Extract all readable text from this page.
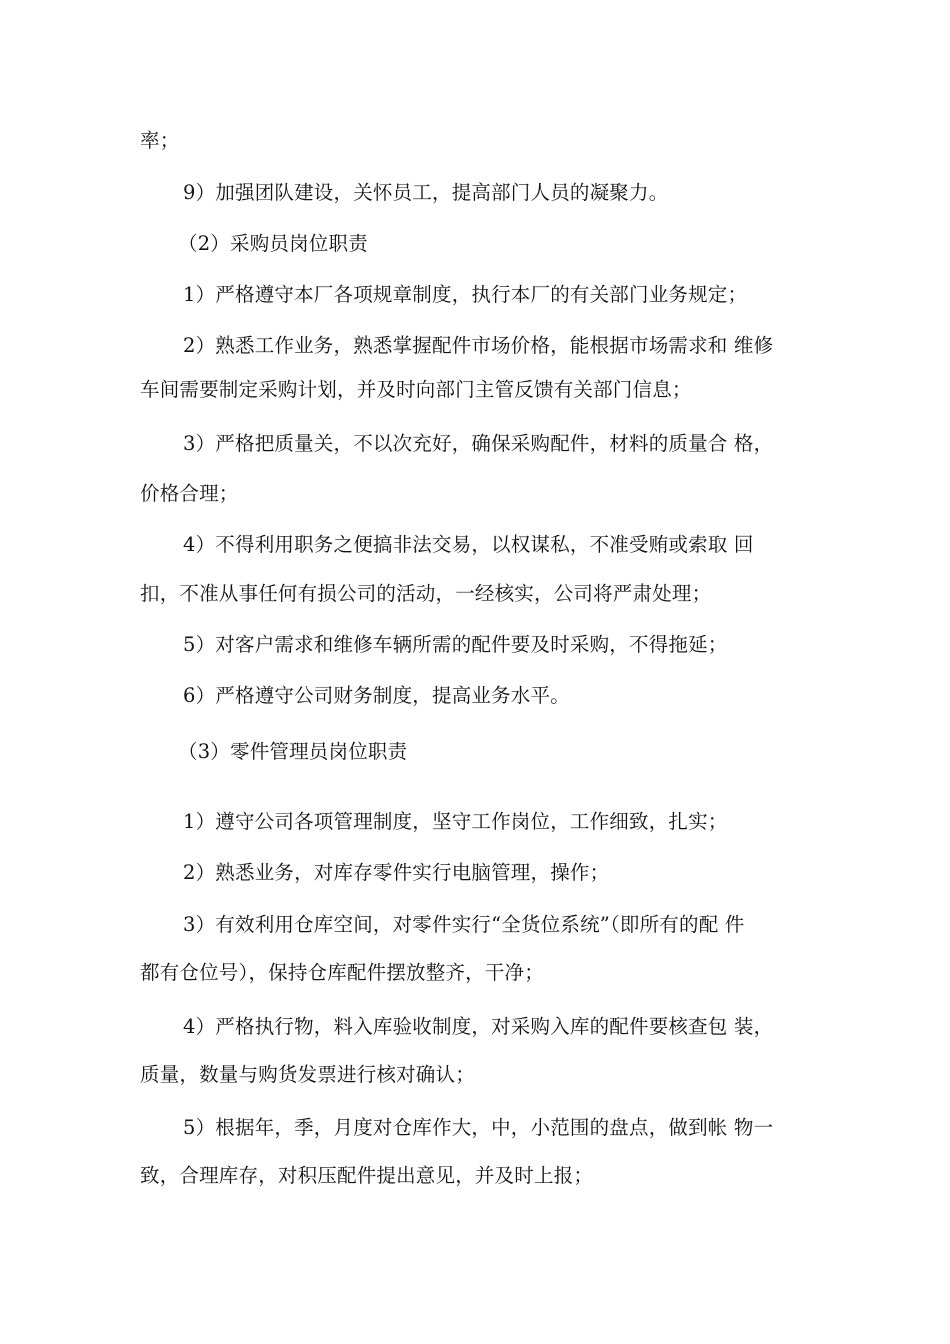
率；
9）加强团队建设，关怀员工，提高部门人员的凝聚力。
（2）采购员岗位职责
1）严格遵守本厂各项规章制度，执行本厂的有关部门业务规定；
2）熟悉工作业务，熟悉掌握配件市场价格，能根据市场需求和 维修
车间需要制定采购计划，并及时向部门主管反馈有关部门信息；
3）严格把质量关，不以次充好，确保采购配件，材料的质量合 格，
价格合理；
4）不得利用职务之便搞非法交易，以权谋私，不准受贿或索取 回
扣，不准从事任何有损公司的活动，一经核实，公司将严肃处理；
5）对客户需求和维修车辆所需的配件要及时采购，不得拖延；
6）严格遵守公司财务制度，提高业务水平。
（3）零件管理员岗位职责
1）遵守公司各项管理制度，坚守工作岗位，工作细致，扎实；
2）熟悉业务，对库存零件实行电脑管理，操作；
3）有效利用仓库空间，对零件实行“全货位系统”（即所有的配 件
都有仓位号），保持仓库配件摆放整齐，干净；
4）严格执行物，料入库验收制度，对采购入库的配件要核查包 装，
质量，数量与购货发票进行核对确认；
5）根据年，季，月度对仓库作大，中，小范围的盘点，做到帐 物一
致，合理库存，对积压配件提出意见，并及时上报；
